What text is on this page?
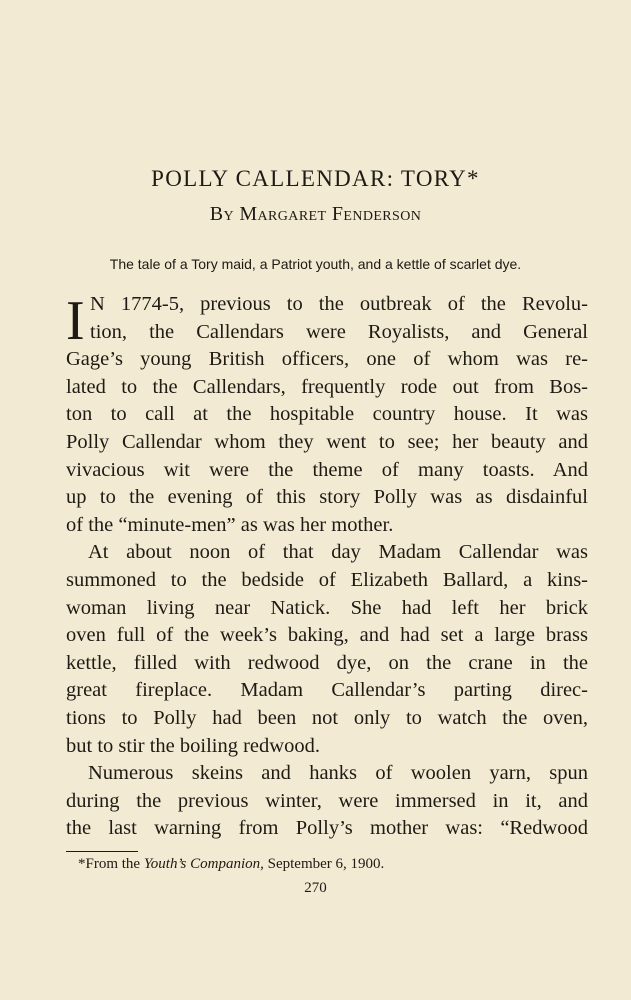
POLLY CALLENDAR: TORY*
By Margaret Fenderson
The tale of a Tory maid, a Patriot youth, and a kettle of scarlet dye.
I N 1774-5, previous to the outbreak of the Revolu-
tion, the Callendars were Royalists, and General
Gage’s young British officers, one of whom was re-
lated to the Callendars, frequently rode out from Bos-
ton to call at the hospitable country house. It was
Polly Callendar whom they went to see; her beauty and
vivacious wit were the theme of many toasts. And
up to the evening of this story Polly was as disdainful
of the “minute-men” as was her mother.
At about noon of that day Madam Callendar was
summoned to the bedside of Elizabeth Ballard, a kins-
woman living near Natick. She had left her brick
oven full of the week’s baking, and had set a large brass
kettle, filled with redwood dye, on the crane in the
great fireplace. Madam Callendar’s parting direc-
tions to Polly had been not only to watch the oven,
but to stir the boiling redwood.
Numerous skeins and hanks of woolen yarn, spun
during the previous winter, were immersed in it, and
the last warning from Polly’s mother was: “Redwood
*From the Youth’s Companion, September 6, 1900.
270
